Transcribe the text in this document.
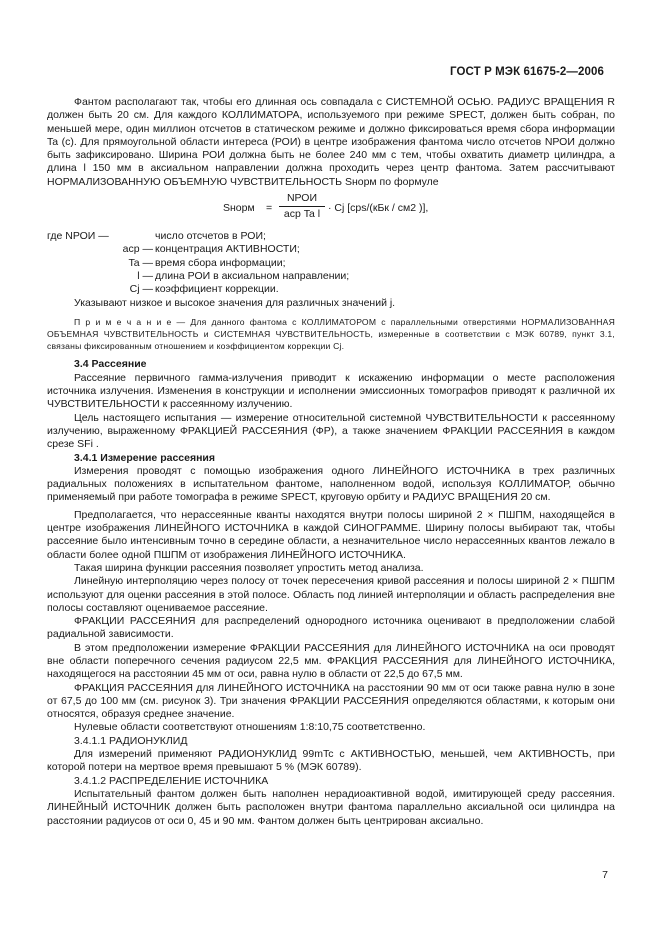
ГОСТ Р МЭК 61675-2—2006

Фантом располагают так, чтобы его длинная ось совпадала с СИСТЕМНОЙ ОСЬЮ. РАДИУС ВРАЩЕНИЯ R должен быть 20 см. Для каждого КОЛЛИМАТОРА, используемого при режиме SPECT, должен быть собран, по меньшей мере, один миллион отсчетов в статическом режиме и должно фиксироваться время сбора информации Ta (с). Для прямоугольной области интереса (РОИ) в центре изображения фантома число отсчетов NРОИ должно быть зафиксировано. Ширина РОИ должна быть не более 240 мм с тем, чтобы охватить диаметр цилиндра, а длина l 150 мм в аксиальном направлении должна проходить через центр фантома. Затем рассчитывают НОРМАЛИЗОВАННУЮ ОБЪЕМНУЮ ЧУВСТВИТЕЛЬНОСТЬ Sнорм по формуле

Sнорм =
NРОИ
aср Ta l
· Cj [cps/(кБк / см2 )],
где NРОИ —	число отсчетов в РОИ;
aср — концентрация АКТИВНОСТИ;
Ta — время сбора информации;
l — длина РОИ в аксиальном направлении;
Cj — коэффициент коррекции.

Указывают низкое и высокое значения для различных значений j.

П р и м е ч а н и е — Для данного фантома с КОЛЛИМАТОРОМ с параллельными отверстиями НОРМАЛИЗОВАННАЯ ОБЪЕМНАЯ ЧУВСТВИТЕЛЬНОСТЬ и СИСТЕМНАЯ ЧУВСТВИТЕЛЬНОСТЬ, измеренные в соответствии с МЭК 60789, пункт 3.1, связаны фиксированным отношением и коэффициентом коррекции Cj.

3.4 Рассеяние

Рассеяние первичного гамма-излучения приводит к искажению информации о месте расположения источника излучения. Изменения в конструкции и исполнении эмиссионных томографов приводят к различной их ЧУВСТВИТЕЛЬНОСТИ к рассеянному излучению.

Цель настоящего испытания — измерение относительной системной ЧУВСТВИТЕЛЬНОСТИ к рассеянному излучению, выраженному ФРАКЦИЕЙ РАССЕЯНИЯ (ФР), а также значением ФРАКЦИИ РАССЕЯНИЯ в каждом срезе SFi .

3.4.1 Измерение рассеяния

Измерения проводят с помощью изображения одного ЛИНЕЙНОГО ИСТОЧНИКА в трех различных радиальных положениях в испытательном фантоме, наполненном водой, используя КОЛЛИМАТОР, обычно применяемый при работе томографа в режиме SPECT, круговую орбиту и РАДИУС ВРАЩЕНИЯ 20 см.

Предполагается, что нерассеянные кванты находятся внутри полосы шириной 2 × ПШПМ, находящейся в центре изображения ЛИНЕЙНОГО ИСТОЧНИКА в каждой СИНОГРАММЕ. Ширину полосы выбирают так, чтобы рассеяние было интенсивным точно в середине области, а незначительное число нерассеянных квантов лежало в области более одной ПШПМ от изображения ЛИНЕЙНОГО ИСТОЧНИКА.

Такая ширина функции рассеяния позволяет упростить метод анализа.

Линейную интерполяцию через полосу от точек пересечения кривой рассеяния и полосы шириной 2 × ПШПМ используют для оценки рассеяния в этой полосе. Область под линией интерполяции и область распределения вне полосы составляют оцениваемое рассеяние.

ФРАКЦИИ РАССЕЯНИЯ для распределений однородного источника оценивают в предположении слабой радиальной зависимости.

В этом предположении измерение ФРАКЦИИ РАССЕЯНИЯ для ЛИНЕЙНОГО ИСТОЧНИКА на оси проводят вне области поперечного сечения радиусом 22,5 мм. ФРАКЦИЯ РАССЕЯНИЯ для ЛИНЕЙНОГО ИСТОЧНИКА, находящегося на расстоянии 45 мм от оси, равна нулю в области от 22,5 до 67,5 мм.

ФРАКЦИЯ РАССЕЯНИЯ для ЛИНЕЙНОГО ИСТОЧНИКА на расстоянии 90 мм от оси также равна нулю в зоне от 67,5 до 100 мм (см. рисунок 3). Три значения ФРАКЦИИ РАССЕЯНИЯ определяются областями, к которым они относятся, образуя среднее значение.

Нулевые области соответствуют отношениям 1:8:10,75 соответственно.

3.4.1.1 РАДИОНУКЛИД

Для измерений применяют РАДИОНУКЛИД 99mTc с АКТИВНОСТЬЮ, меньшей, чем АКТИВНОСТЬ, при которой потери на мертвое время превышают 5 % (МЭК 60789).

3.4.1.2 РАСПРЕДЕЛЕНИЕ ИСТОЧНИКА

Испытательный фантом должен быть наполнен нерадиоактивной водой, имитирующей среду рассеяния. ЛИНЕЙНЫЙ ИСТОЧНИК должен быть расположен внутри фантома параллельно аксиальной оси цилиндра на расстоянии радиусов от оси 0, 45 и 90 мм. Фантом должен быть центрирован аксиально.

7
